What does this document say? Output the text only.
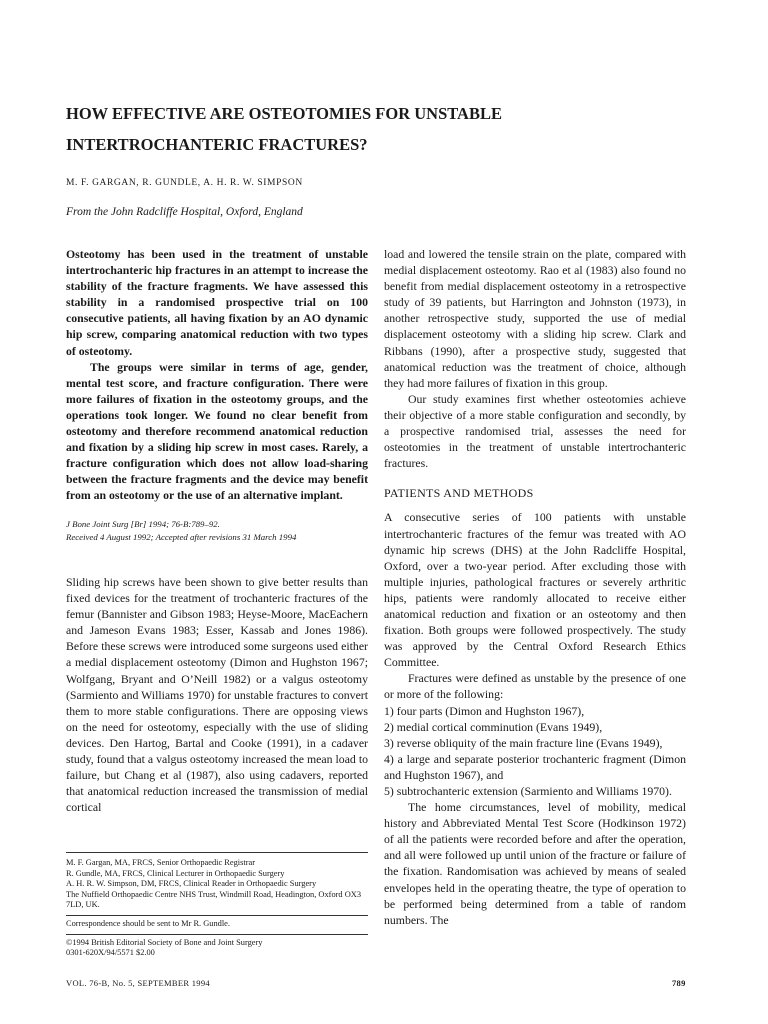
HOW EFFECTIVE ARE OSTEOTOMIES FOR UNSTABLE
INTERTROCHANTERIC FRACTURES?

M. F. GARGAN, R. GUNDLE, A. H. R. W. SIMPSON

From the John Radcliffe Hospital, Oxford, England

Osteotomy has been used in the treatment of unstable intertrochanteric hip fractures in an attempt to increase the stability of the fracture fragments. We have assessed this stability in a randomised prospective trial on 100 consecutive patients, all having fixation by an AO dynamic hip screw, comparing anatomical reduction with two types of osteotomy.

The groups were similar in terms of age, gender, mental test score, and fracture configuration. There were more failures of fixation in the osteotomy groups, and the operations took longer. We found no clear benefit from osteotomy and therefore recommend anatomical reduction and fixation by a sliding hip screw in most cases. Rarely, a fracture configuration which does not allow load-sharing between the fracture fragments and the device may benefit from an osteotomy or the use of an alternative implant.

J Bone Joint Surg [Br] 1994; 76-B:789–92.
Received 4 August 1992; Accepted after revisions 31 March 1994

Sliding hip screws have been shown to give better results than fixed devices for the treatment of trochanteric fractures of the femur (Bannister and Gibson 1983; Heyse-Moore, MacEachern and Jameson Evans 1983; Esser, Kassab and Jones 1986). Before these screws were introduced some surgeons used either a medial displacement osteotomy (Dimon and Hughston 1967; Wolfgang, Bryant and O’Neill 1982) or a valgus osteotomy (Sarmiento and Williams 1970) for unstable fractures to convert them to more stable configurations. There are opposing views on the need for osteotomy, especially with the use of sliding devices. Den Hartog, Bartal and Cooke (1991), in a cadaver study, found that a valgus osteotomy increased the mean load to failure, but Chang et al (1987), also using cadavers, reported that anatomical reduction increased the transmission of medial cortical

M. F. Gargan, MA, FRCS, Senior Orthopaedic Registrar
R. Gundle, MA, FRCS, Clinical Lecturer in Orthopaedic Surgery
A. H. R. W. Simpson, DM, FRCS, Clinical Reader in Orthopaedic Surgery
The Nuffield Orthopaedic Centre NHS Trust, Windmill Road, Headington, Oxford OX3 7LD, UK.
Correspondence should be sent to Mr R. Gundle.
©1994 British Editorial Society of Bone and Joint Surgery
0301-620X/94/5571 $2.00

load and lowered the tensile strain on the plate, compared with medial displacement osteotomy. Rao et al (1983) also found no benefit from medial displacement osteotomy in a retrospective study of 39 patients, but Harrington and Johnston (1973), in another retrospective study, supported the use of medial displacement osteotomy with a sliding hip screw. Clark and Ribbans (1990), after a prospective study, suggested that anatomical reduction was the treatment of choice, although they had more failures of fixation in this group.

Our study examines first whether osteotomies achieve their objective of a more stable configuration and secondly, by a prospective randomised trial, assesses the need for osteotomies in the treatment of unstable intertrochanteric fractures.

PATIENTS AND METHODS

A consecutive series of 100 patients with unstable intertrochanteric fractures of the femur was treated with AO dynamic hip screws (DHS) at the John Radcliffe Hospital, Oxford, over a two-year period. After excluding those with multiple injuries, pathological fractures or severely arthritic hips, patients were randomly allocated to receive either anatomical reduction and fixation or an osteotomy and then fixation. Both groups were followed prospectively. The study was approved by the Central Oxford Research Ethics Committee.

Fractures were defined as unstable by the presence of one or more of the following:

1) four parts (Dimon and Hughston 1967),

2) medial cortical comminution (Evans 1949),

3) reverse obliquity of the main fracture line (Evans 1949),

4) a large and separate posterior trochanteric fragment (Dimon and Hughston 1967), and

5) subtrochanteric extension (Sarmiento and Williams 1970).

The home circumstances, level of mobility, medical history and Abbreviated Mental Test Score (Hodkinson 1972) of all the patients were recorded before and after the operation, and all were followed up until union of the fracture or failure of the fixation. Randomisation was achieved by means of sealed envelopes held in the operating theatre, the type of operation to be performed being determined from a table of random numbers. The

VOL. 76-B, No. 5, SEPTEMBER 1994	789
